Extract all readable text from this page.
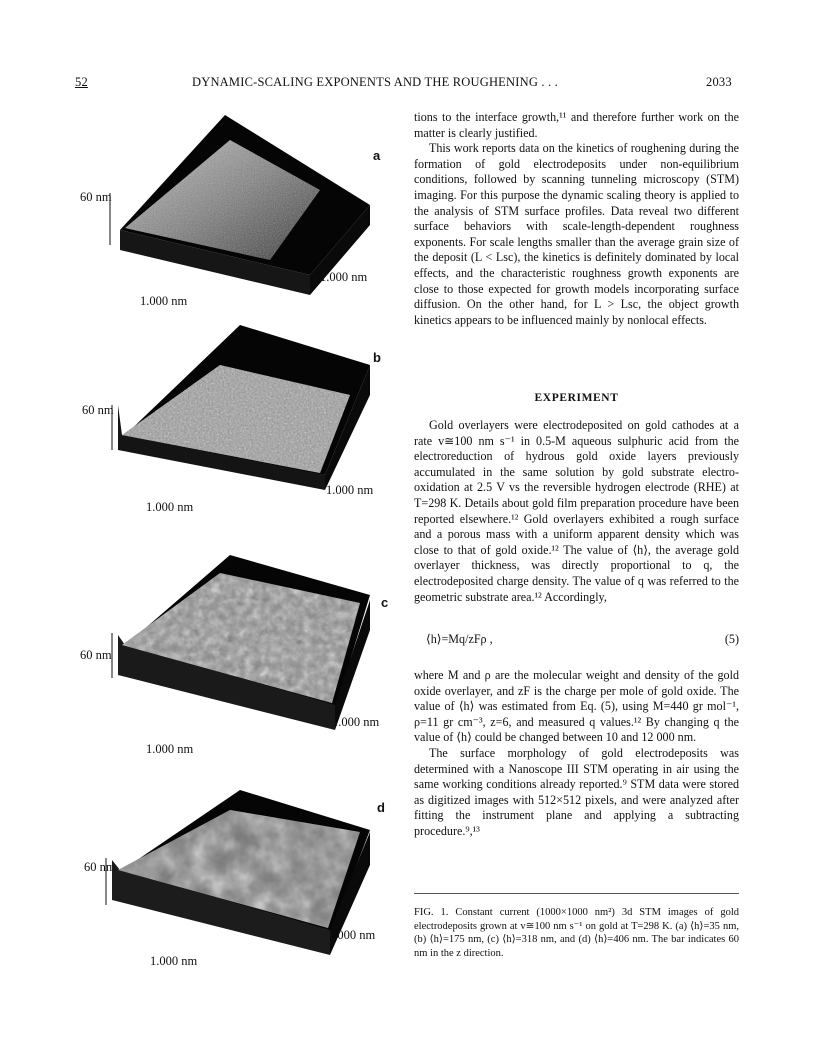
52	DYNAMIC-SCALING EXPONENTS AND THE ROUGHENING . . .	2033
a
60 nm
1.000 nm
1.000 nm
b
60 nm
1.000 nm
1.000 nm
c
60 nm
1.000 nm
1.000 nm
d
60 nm
1.000 nm
1.000 nm

tions to the interface growth,¹¹ and therefore further work on the matter is clearly justified.

This work reports data on the kinetics of roughening during the formation of gold electrodeposits under non-equilibrium conditions, followed by scanning tunneling microscopy (STM) imaging. For this purpose the dynamic scaling theory is applied to the analysis of STM surface profiles. Data reveal two different surface behaviors with scale-length-dependent roughness exponents. For scale lengths smaller than the average grain size of the deposit (L < Lsc), the kinetics is definitely dominated by local effects, and the characteristic roughness growth exponents are close to those expected for growth models incorporating surface diffusion. On the other hand, for L > Lsc, the object growth kinetics appears to be influenced mainly by nonlocal effects.

EXPERIMENT

Gold overlayers were electrodeposited on gold cathodes at a rate v≅100 nm s⁻¹ in 0.5-M aqueous sulphuric acid from the electroreduction of hydrous gold oxide layers previously accumulated in the same solution by gold substrate electro-oxidation at 2.5 V vs the reversible hydrogen electrode (RHE) at T=298 K. Details about gold film preparation procedure have been reported elsewhere.¹² Gold overlayers exhibited a rough surface and a porous mass with a uniform apparent density which was close to that of gold oxide.¹² The value of ⟨h⟩, the average gold overlayer thickness, was directly proportional to q, the electrodeposited charge density. The value of q was referred to the geometric substrate area.¹² Accordingly,

⟨h⟩=Mq/zFρ ,	(5)

where M and ρ are the molecular weight and density of the gold oxide overlayer, and zF is the charge per mole of gold oxide. The value of ⟨h⟩ was estimated from Eq. (5), using M=440 gr mol⁻¹, ρ=11 gr cm⁻³, z=6, and measured q values.¹² By changing q the value of ⟨h⟩ could be changed between 10 and 12 000 nm.

The surface morphology of gold electrodeposits was determined with a Nanoscope III STM operating in air using the same working conditions already reported.⁹ STM data were stored as digitized images with 512×512 pixels, and were analyzed after fitting the instrument plane and applying a subtracting procedure.⁹,¹³

FIG. 1. Constant current (1000×1000 nm²) 3d STM images of gold electrodeposits grown at v≅100 nm s⁻¹ on gold at T=298 K. (a) ⟨h⟩=35 nm, (b) ⟨h⟩=175 nm, (c) ⟨h⟩=318 nm, and (d) ⟨h⟩=406 nm. The bar indicates 60 nm in the z direction.
